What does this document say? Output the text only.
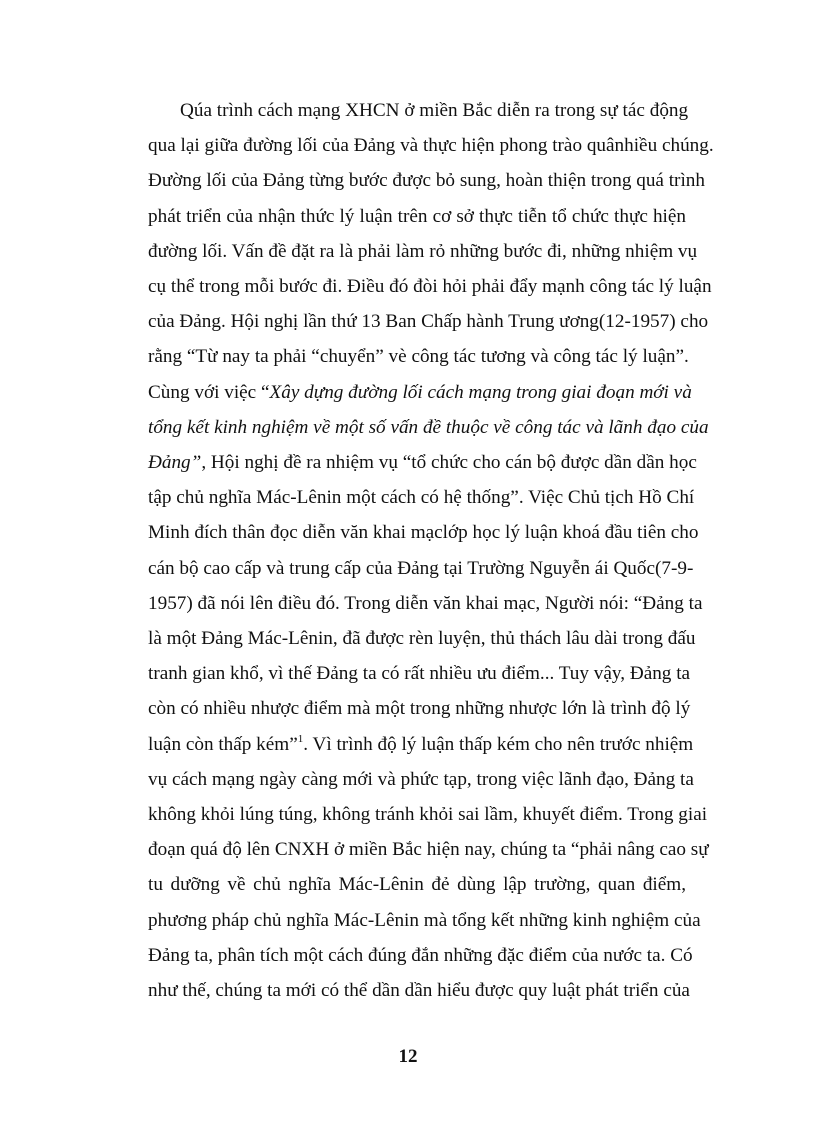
Qúa trình cách mạng XHCN ở miền Bắc diễn ra trong sự tác động
qua lại giữa đường lối của Đảng và thực hiện phong trào quânhiều chúng.
Đường lối của Đảng từng bước được bỏ sung, hoàn thiện trong quá trình
phát triển của nhận thức lý luận trên cơ sở thực tiễn tổ chức thực hiện
đường lối. Vấn đề đặt ra là phải làm rỏ những bước đi, những nhiệm vụ
cụ thể trong mỗi bước đi. Điều đó đòi hỏi phải đẩy mạnh công tác lý luận
của Đảng. Hội nghị lần thứ 13 Ban Chấp hành Trung ương(12-1957) cho
rằng “Từ nay ta phải “chuyển” vè công tác tương và công tác lý luận”.
Cùng với việc “Xây dựng đường lối cách mạng trong giai đoạn mới và
tổng kết kinh nghiệm về một số vấn đề thuộc về công tác và lãnh đạo của
Đảng”, Hội nghị đề ra nhiệm vụ “tổ chức cho cán bộ được dần dần học
tập chủ nghĩa Mác-Lênin một cách có hệ thống”. Việc Chủ tịch Hồ Chí
Minh đích thân đọc diễn văn khai mạclớp học lý luận khoá đầu tiên cho
cán bộ cao cấp và trung cấp của Đảng tại Trường Nguyễn ái Quốc(7-9-
1957) đã nói lên điều đó. Trong diễn văn khai mạc, Người nói: “Đảng ta
là một Đảng Mác-Lênin, đã được rèn luyện, thủ thách lâu dài trong đấu
tranh gian khổ, vì thế Đảng ta có rất nhiều ưu điểm... Tuy vậy, Đảng ta
còn có nhiều nhược điểm mà một trong những nhược lớn là trình độ lý
luận còn thấp kém”$^1$. Vì trình độ lý luận thấp kém cho nên trước nhiệm
vụ cách mạng ngày càng mới và phức tạp, trong việc lãnh đạo, Đảng ta
không khỏi lúng túng, không tránh khỏi sai lầm, khuyết điểm. Trong giai
đoạn quá độ lên CNXH ở miền Bắc hiện nay, chúng ta “phải nâng cao sự
tu dưỡng về chủ nghĩa Mác-Lênin đẻ dùng lập trường, quan điểm,
phương pháp chủ nghĩa Mác-Lênin mà tổng kết những kinh nghiệm của
Đảng ta, phân tích một cách đúng đắn những đặc điểm của nước ta. Có
như thế, chúng ta mới có thể dần dần hiểu được quy luật phát triển của
12
